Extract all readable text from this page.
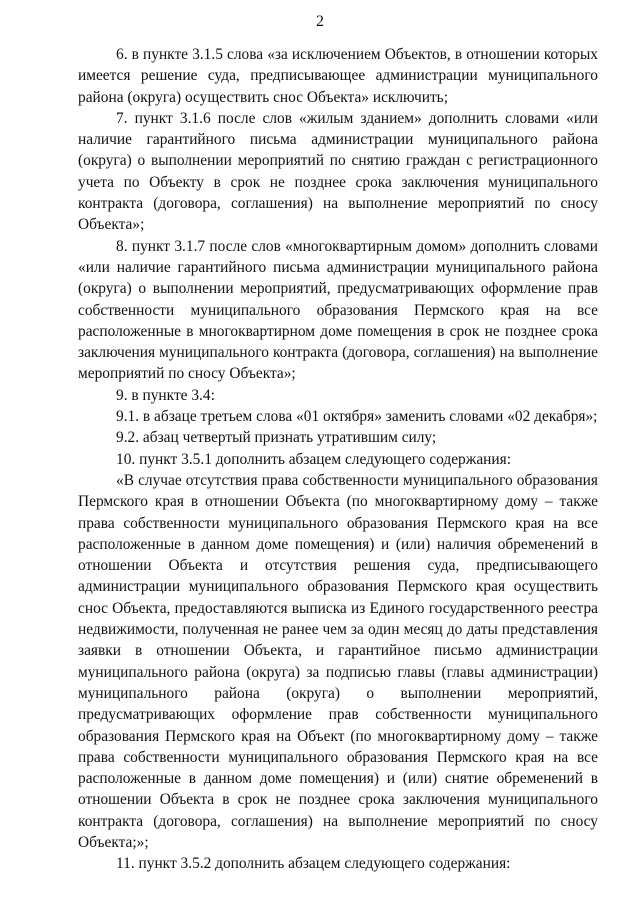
2

6. в пункте 3.1.5 слова «за исключением Объектов, в отношении которых имеется решение суда, предписывающее администрации муниципального района (округа) осуществить снос Объекта» исключить;

7. пункт 3.1.6 после слов «жилым зданием» дополнить словами «или наличие гарантийного письма администрации муниципального района (округа) о выполнении мероприятий по снятию граждан с регистрационного учета по Объекту в срок не позднее срока заключения муниципального контракта (договора, соглашения) на выполнение мероприятий по сносу Объекта»;

8. пункт 3.1.7 после слов «многоквартирным домом» дополнить словами «или наличие гарантийного письма администрации муниципального района (округа) о выполнении мероприятий, предусматривающих оформление прав собственности муниципального образования Пермского края на все расположенные в многоквартирном доме помещения в срок не позднее срока заключения муниципального контракта (договора, соглашения) на выполнение мероприятий по сносу Объекта»;

9. в пункте 3.4:

9.1. в абзаце третьем слова «01 октября» заменить словами «02 декабря»;

9.2. абзац четвертый признать утратившим силу;

10. пункт 3.5.1 дополнить абзацем следующего содержания:

«В случае отсутствия права собственности муниципального образования Пермского края в отношении Объекта (по многоквартирному дому – также права собственности муниципального образования Пермского края на все расположенные в данном доме помещения) и (или) наличия обременений в отношении Объекта и отсутствия решения суда, предписывающего администрации муниципального образования Пермского края осуществить снос Объекта, предоставляются выписка из Единого государственного реестра недвижимости, полученная не ранее чем за один месяц до даты представления заявки в отношении Объекта, и гарантийное письмо администрации муниципального района (округа) за подписью главы (главы администрации) муниципального района (округа) о выполнении мероприятий, предусматривающих оформление прав собственности муниципального образования Пермского края на Объект (по многоквартирному дому – также права собственности муниципального образования Пермского края на все расположенные в данном доме помещения) и (или) снятие обременений в отношении Объекта в срок не позднее срока заключения муниципального контракта (договора, соглашения) на выполнение мероприятий по сносу Объекта;»;

11. пункт 3.5.2 дополнить абзацем следующего содержания:
